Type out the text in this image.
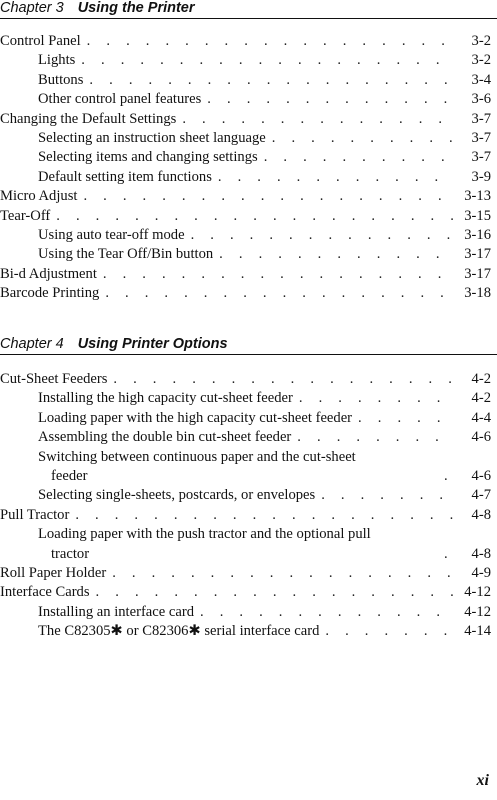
Chapter 3 Using the Printer
Control Panel . . .	3-2
Lights . . .	3-2
Buttons . . .	3-4
Other control panel features . . .	3-6
Changing the Default Settings . . .	3-7
Selecting an instruction sheet language . . .	3-7
Selecting items and changing settings . . .	3-7
Default setting item functions . . .	3-9
Micro Adjust . . .	3-13
Tear-Off . . .	3-15
Using auto tear-off mode . . .	3-16
Using the Tear Off/Bin button . . .	3-17
Bi-d Adjustment . . .	3-17
Barcode Printing . . .	3-18
Chapter 4 Using Printer Options
Cut-Sheet Feeders . . .	4-2
Installing the high capacity cut-sheet feeder . . .	4-2
Loading paper with the high capacity cut-sheet feeder . . .	4-4
Assembling the double bin cut-sheet feeder . . .	4-6
Switching between continuous paper and the cut-sheet
feeder . . .	4-6
Selecting single-sheets, postcards, or envelopes . . .	4-7
Pull Tractor . . .	4-8
Loading paper with the push tractor and the optional pull
tractor . . .	4-8
Roll Paper Holder . . .	4-9
Interface Cards . . .	4-12
Installing an interface card . . .	4-12
The C82305✱ or C82306✱ serial interface card . . .	4-14
xi
